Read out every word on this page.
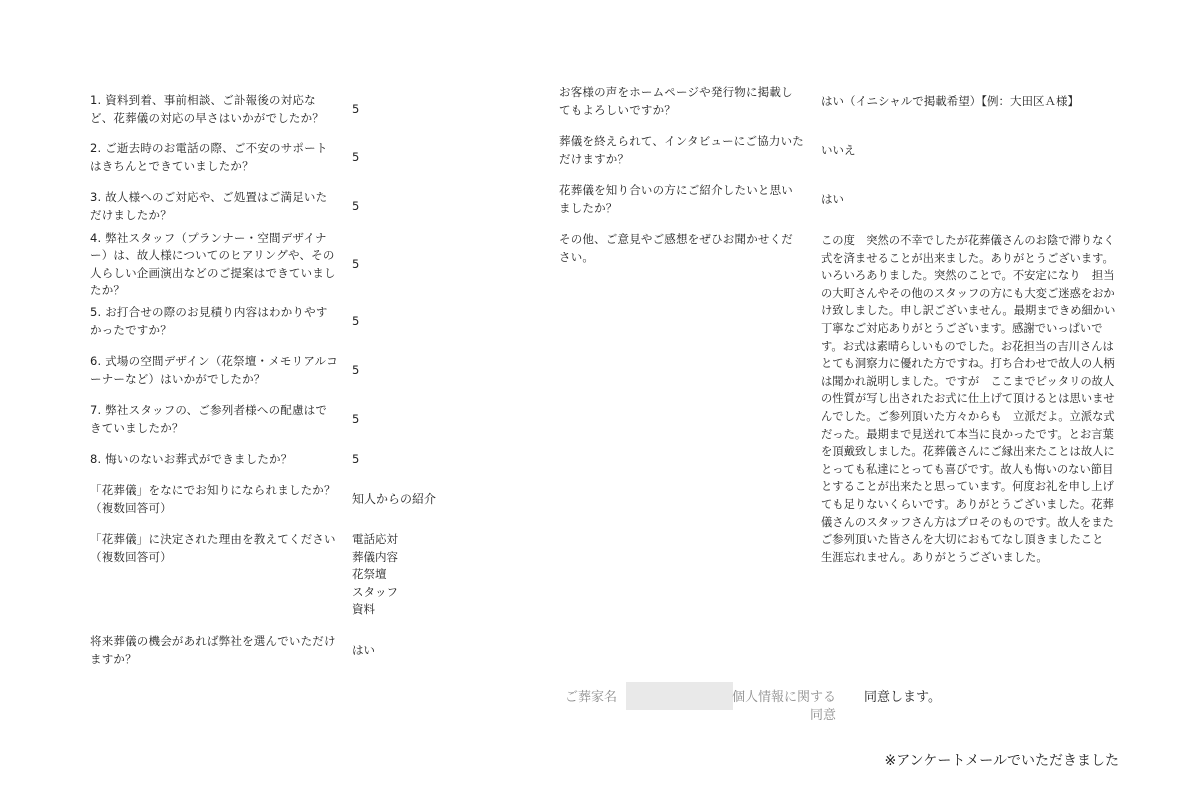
1. 資料到着、事前相談、ご訃報後の対応など、花葬儀の対応の早さはいかがでしたか？
5
2. ご逝去時のお電話の際、ご不安のサポートはきちんとできていましたか？
5
3. 故人様へのご対応や、ご処置はご満足いただけましたか？
5
4. 弊社スタッフ（プランナー・空間デザイナー）は、故人様についてのヒアリングや、その人らしい企画演出などのご提案はできていましたか？
5
5. お打合せの際のお見積り内容はわかりやすかったですか？
5
6. 式場の空間デザイン（花祭壇・メモリアルコーナーなど）はいかがでしたか？
5
7. 弊社スタッフの、ご参列者様への配慮はできていましたか？
5
8. 悔いのないお葬式ができましたか？	5
「花葬儀」をなにでお知りになられましたか？（複数回答可）
知人からの紹介
「花葬儀」に決定された理由を教えてください（複数回答可）
電話応対
葬儀内容
花祭壇
スタッフ
資料
将来葬儀の機会があれば弊社を選んでいただけますか？
はい
お客様の声をホームページや発行物に掲載してもよろしいですか？
はい（イニシャルで掲載希望）【例：大田区Ａ様】
葬儀を終えられて、インタビューにご協力いただけますか？
いいえ
花葬儀を知り合いの方にご紹介したいと思いましたか？
はい
その他、ご意見やご感想をぜひお聞かせください。
この度　突然の不幸でしたが花葬儀さんのお陰で滞りなく式を済ませることが出来ました。ありがとうございます。いろいろありました。突然のことで。不安定になり　担当の大町さんやその他のスタッフの方にも大変ご迷惑をおかけ致しました。申し訳ございません。最期まできめ細かい丁寧なご対応ありがとうございます。感謝でいっぱいです。お式は素晴らしいものでした。お花担当の吉川さんはとても洞察力に優れた方ですね。打ち合わせで故人の人柄は聞かれ説明しました。ですが　ここまでピッタリの故人の性質が写し出されたお式に仕上げて頂けるとは思いませんでした。ご参列頂いた方々からも　立派だよ。立派な式だった。最期まで見送れて本当に良かったです。とお言葉を頂戴致しました。花葬儀さんにご縁出来たことは故人にとっても私達にとっても喜びです。故人も悔いのない節目とすることが出来たと思っています。何度お礼を申し上げても足りないくらいです。ありがとうございました。花葬儀さんのスタッフさん方はプロそのものです。故人をまたご参列頂いた皆さんを大切におもてなし頂きましたこと　生涯忘れません。ありがとうございました。
ご葬家名	個人情報に関する
同意
同意します。
※アンケートメールでいただきました
